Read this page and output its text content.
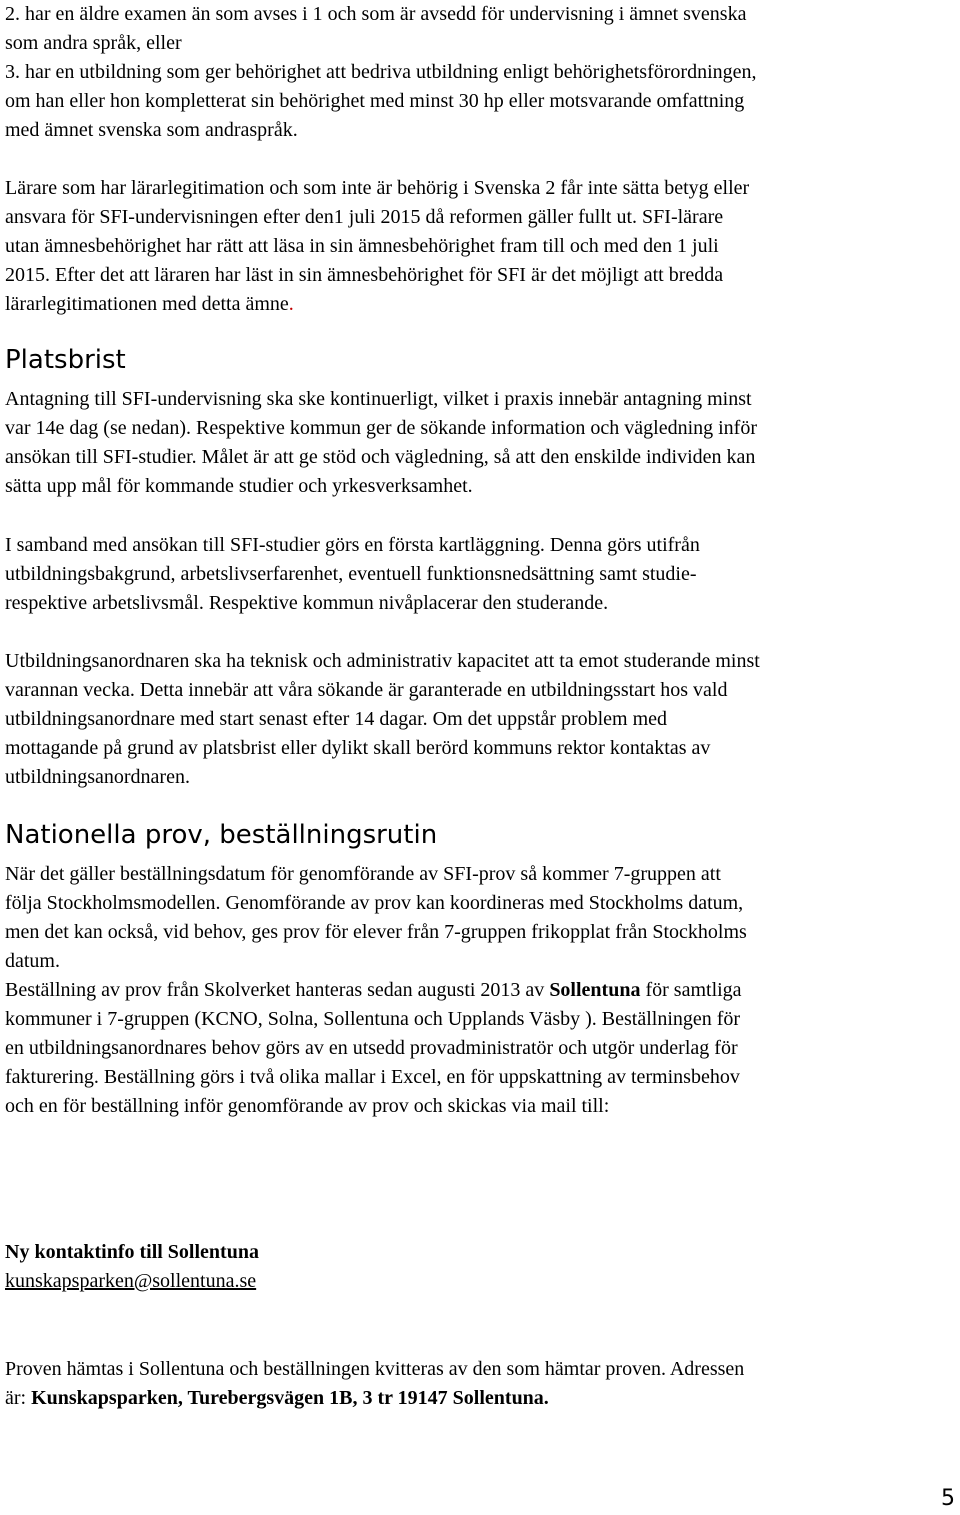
2. har en äldre examen än som avses i 1 och som är avsedd för undervisning i ämnet svenska

som andra språk, eller

3. har en utbildning som ger behörighet att bedriva utbildning enligt behörighetsförordningen,

om han eller hon kompletterat sin behörighet med minst 30 hp eller motsvarande omfattning

med ämnet svenska som andraspråk.

Lärare som har lärarlegitimation och som inte är behörig i Svenska 2 får inte sätta betyg eller

ansvara för SFI-undervisningen efter den1 juli 2015 då reformen gäller fullt ut. SFI-lärare

utan ämnesbehörighet har rätt att läsa in sin ämnesbehörighet fram till och med den 1 juli

2015. Efter det att läraren har läst in sin ämnesbehörighet för SFI är det möjligt att bredda

lärarlegitimationen med detta ämne.

Platsbrist

Antagning till SFI-undervisning ska ske kontinuerligt, vilket i praxis innebär antagning minst

var 14e dag (se nedan). Respektive kommun ger de sökande information och vägledning inför

ansökan till SFI-studier. Målet är att ge stöd och vägledning, så att den enskilde individen kan

sätta upp mål för kommande studier och yrkesverksamhet.

I samband med ansökan till SFI-studier görs en första kartläggning. Denna görs utifrån

utbildningsbakgrund, arbetslivserfarenhet, eventuell funktionsnedsättning samt studie-

respektive arbetslivsmål. Respektive kommun nivåplacerar den studerande.

Utbildningsanordnaren ska ha teknisk och administrativ kapacitet att ta emot studerande minst

varannan vecka. Detta innebär att våra sökande är garanterade en utbildningsstart hos vald

utbildningsanordnare med start senast efter 14 dagar. Om det uppstår problem med

mottagande på grund av platsbrist eller dylikt skall berörd kommuns rektor kontaktas av

utbildningsanordnaren.

Nationella prov, beställningsrutin

När det gäller beställningsdatum för genomförande av SFI-prov så kommer 7-gruppen att

följa Stockholmsmodellen. Genomförande av prov kan koordineras med Stockholms datum,

men det kan också, vid behov, ges prov för elever från 7-gruppen frikopplat från Stockholms

datum.

Beställning av prov från Skolverket hanteras sedan augusti 2013 av Sollentuna för samtliga

kommuner i 7-gruppen (KCNO, Solna, Sollentuna och Upplands Väsby ). Beställningen för

en utbildningsanordnares behov görs av en utsedd provadministratör och utgör underlag för

fakturering. Beställning görs i två olika mallar i Excel, en för uppskattning av terminsbehov

och en för beställning inför genomförande av prov och skickas via mail till:

Ny kontaktinfo till Sollentuna

kunskapsparken@sollentuna.se

Proven hämtas i Sollentuna och beställningen kvitteras av den som hämtar proven. Adressen

är: Kunskapsparken, Turebergsvägen 1B, 3 tr 19147 Sollentuna.

5
